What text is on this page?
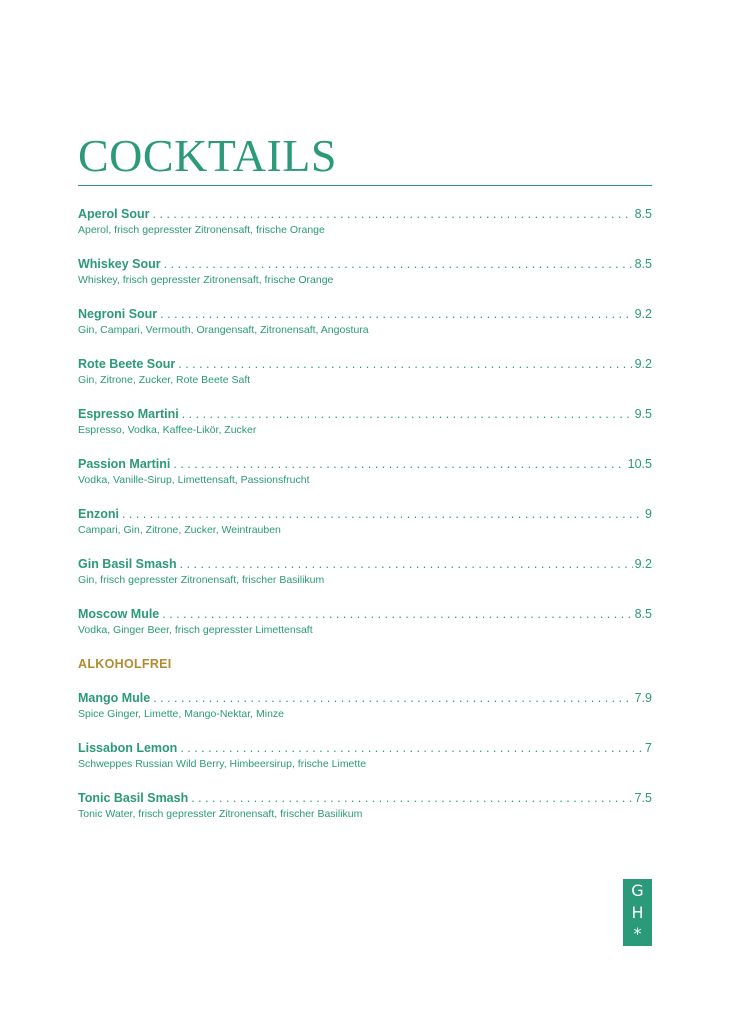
COCKTAILS
Aperol Sour . . .	8.5
Aperol, frisch gepresster Zitronensaft, frische Orange
Whiskey Sour . . .	8.5
Whiskey, frisch gepresster Zitronensaft, frische Orange
Negroni Sour . . .	9.2
Gin, Campari, Vermouth, Orangensaft, Zitronensaft, Angostura
Rote Beete Sour . . .	9.2
Gin, Zitrone, Zucker, Rote Beete Saft
Espresso Martini . . .	9.5
Espresso, Vodka, Kaffee-Likör, Zucker
Passion Martini . . .	10.5
Vodka, Vanille-Sirup, Limettensaft, Passionsfrucht
Enzoni . . .	9
Campari, Gin, Zitrone, Zucker, Weintrauben
Gin Basil Smash . . .	9.2
Gin, frisch gepresster Zitronensaft, frischer Basilikum
Moscow Mule . . .	8.5
Vodka, Ginger Beer, frisch gepresster Limettensaft
ALKOHOLFREI
Mango Mule . . .	7.9
Spice Ginger, Limette, Mango-Nektar, Minze
Lissabon Lemon . . .	7
Schweppes Russian Wild Berry, Himbeersirup, frische Limette
Tonic Basil Smash . . .	7.5
Tonic Water, frisch gepresster Zitronensaft, frischer Basilikum
G
H
*
